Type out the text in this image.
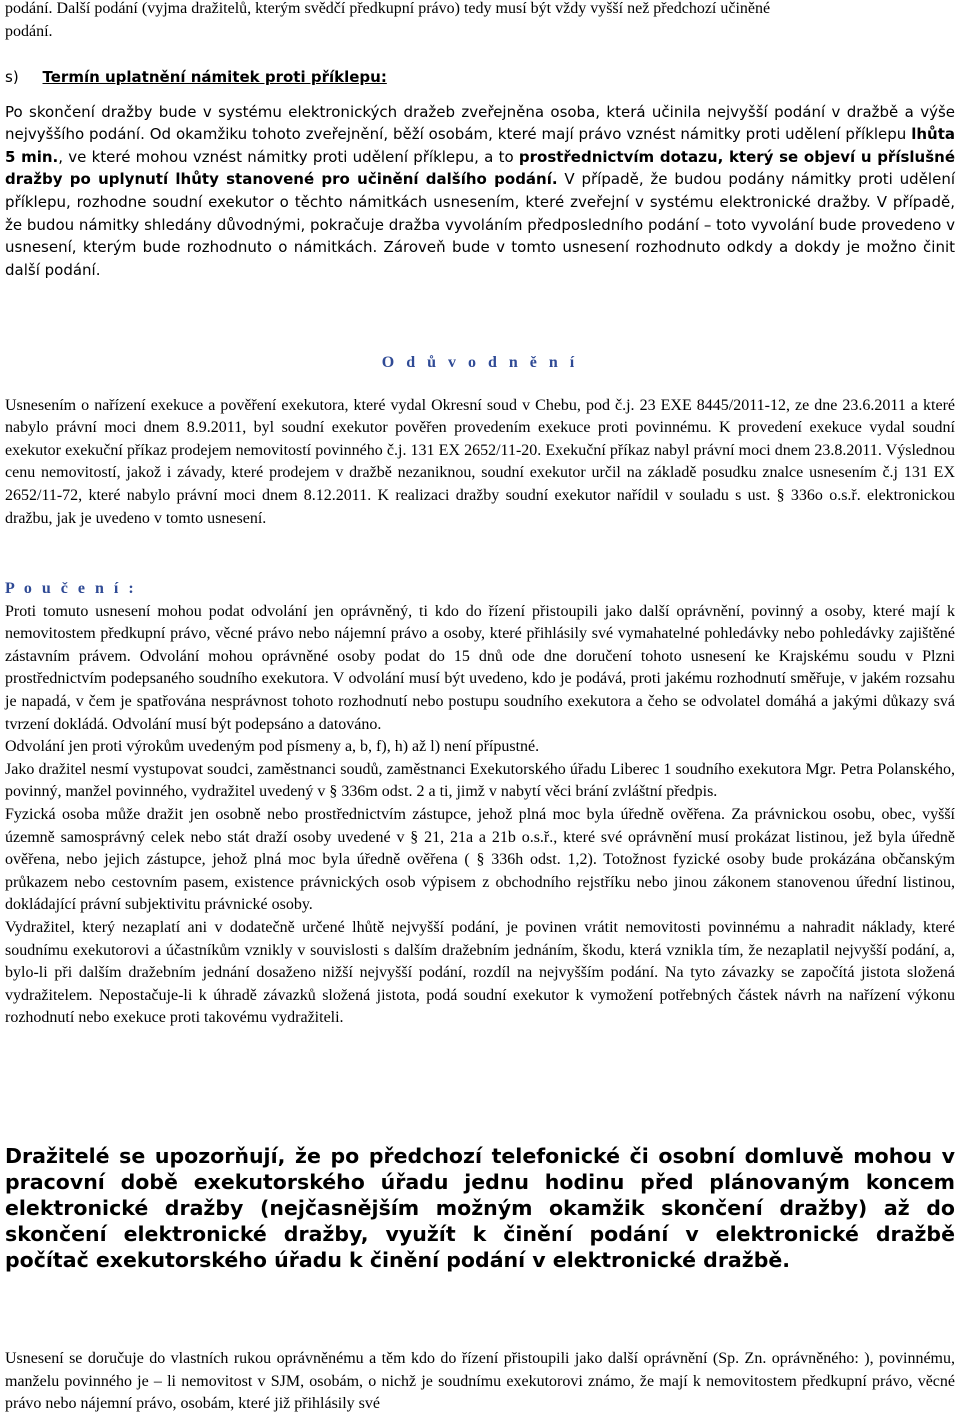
podání. Další podání (vyjma dražitelů, kterým svědčí předkupní právo) tedy musí být vždy vyšší než předchozí učiněné

podání.

s) Termín uplatnění námitek proti příklepu:

Po skončení dražby bude v systému elektronických dražeb zveřejněna osoba, která učinila nejvyšší podání v dražbě a výše nejvyššího podání. Od okamžiku tohoto zveřejnění, běží osobám, které mají právo vznést námitky proti udělení příklepu lhůta 5 min., ve které mohou vznést námitky proti udělení příklepu, a to prostřednictvím dotazu, který se objeví u příslušné dražby po uplynutí lhůty stanovené pro učinění dalšího podání. V případě, že budou podány námitky proti udělení příklepu, rozhodne soudní exekutor o těchto námitkách usnesením, které zveřejní v systému elektronické dražby. V případě, že budou námitky shledány důvodnými, pokračuje dražba vyvoláním předposledního podání – toto vyvolání bude provedeno v usnesení, kterým bude rozhodnuto o námitkách. Zároveň bude v tomto usnesení rozhodnuto odkdy a dokdy je možno činit další podání.

O d ů v o d n ě n í

Usnesením o nařízení exekuce a pověření exekutora, které vydal Okresní soud v Chebu, pod č.j. 23 EXE 8445/2011-12, ze dne 23.6.2011 a které nabylo právní moci dnem 8.9.2011, byl soudní exekutor pověřen provedením exekuce proti povinnému. K provedení exekuce vydal soudní exekutor exekuční příkaz prodejem nemovitostí povinného č.j. 131 EX 2652/11-20. Exekuční příkaz nabyl právní moci dnem 23.8.2011. Výslednou cenu nemovitostí, jakož i závady, které prodejem v dražbě nezaniknou, soudní exekutor určil na základě posudku znalce usnesením č.j 131 EX 2652/11-72, které nabylo právní moci dnem 8.12.2011. K realizaci dražby soudní exekutor nařídil v souladu s ust. § 336o o.s.ř. elektronickou dražbu, jak je uvedeno v tomto usnesení.

P o u č e n í :

Proti tomuto usnesení mohou podat odvolání jen oprávněný, ti kdo do řízení přistoupili jako další oprávnění, povinný a osoby, které mají k nemovitostem předkupní právo, věcné právo nebo nájemní právo a osoby, které přihlásily své vymahatelné pohledávky nebo pohledávky zajištěné zástavním právem. Odvolání mohou oprávněné osoby podat do 15 dnů ode dne doručení tohoto usnesení ke Krajskému soudu v Plzni prostřednictvím podepsaného soudního exekutora. V odvolání musí být uvedeno, kdo je podává, proti jakému rozhodnutí směřuje, v jakém rozsahu je napadá, v čem je spatřována nesprávnost tohoto rozhodnutí nebo postupu soudního exekutora a čeho se odvolatel domáhá a jakými důkazy svá tvrzení dokládá. Odvolání musí být podepsáno a datováno.

Odvolání jen proti výrokům uvedeným pod písmeny a, b, f), h) až l) není přípustné.

Jako dražitel nesmí vystupovat soudci, zaměstnanci soudů, zaměstnanci Exekutorského úřadu Liberec 1 soudního exekutora Mgr. Petra Polanského, povinný, manžel povinného, vydražitel uvedený v § 336m odst. 2 a ti, jimž v nabytí věci brání zvláštní předpis.

Fyzická osoba může dražit jen osobně nebo prostřednictvím zástupce, jehož plná moc byla úředně ověřena. Za právnickou osobu, obec, vyšší územně samosprávný celek nebo stát draží osoby uvedené v § 21, 21a a 21b o.s.ř., které své oprávnění musí prokázat listinou, jež byla úředně ověřena, nebo jejich zástupce, jehož plná moc byla úředně ověřena ( § 336h odst. 1,2). Totožnost fyzické osoby bude prokázána občanským průkazem nebo cestovním pasem, existence právnických osob výpisem z obchodního rejstříku nebo jinou zákonem stanovenou úřední listinou, dokládající právní subjektivitu právnické osoby.

Vydražitel, který nezaplatí ani v dodatečně určené lhůtě nejvyšší podání, je povinen vrátit nemovitosti povinnému a nahradit náklady, které soudnímu exekutorovi a účastníkům vznikly v souvislosti s dalším dražebním jednáním, škodu, která vznikla tím, že nezaplatil nejvyšší podání, a, bylo-li při dalším dražebním jednání dosaženo nižší nejvyšší podání, rozdíl na nejvyšším podání. Na tyto závazky se započítá jistota složená vydražitelem. Nepostačuje-li k úhradě závazků složená jistota, podá soudní exekutor k vymožení potřebných částek návrh na nařízení výkonu rozhodnutí nebo exekuce proti takovému vydražiteli.

Dražitelé se upozorňují, že po předchozí telefonické či osobní domluvě mohou v pracovní době exekutorského úřadu jednu hodinu před plánovaným koncem elektronické dražby (nejčasnějším možným okamžik skončení dražby) až do skončení elektronické dražby, využít k činění podání v elektronické dražbě počítač exekutorského úřadu k činění podání v elektronické dražbě.

Usnesení se doručuje do vlastních rukou oprávněnému a těm kdo do řízení přistoupili jako další oprávnění (Sp. Zn. oprávněného: ), povinnému, manželu povinného je – li nemovitost v SJM, osobám, o nichž je soudnímu exekutorovi známo, že mají k nemovitostem předkupní právo, věcné právo nebo nájemní právo, osobám, které již přihlásily své
